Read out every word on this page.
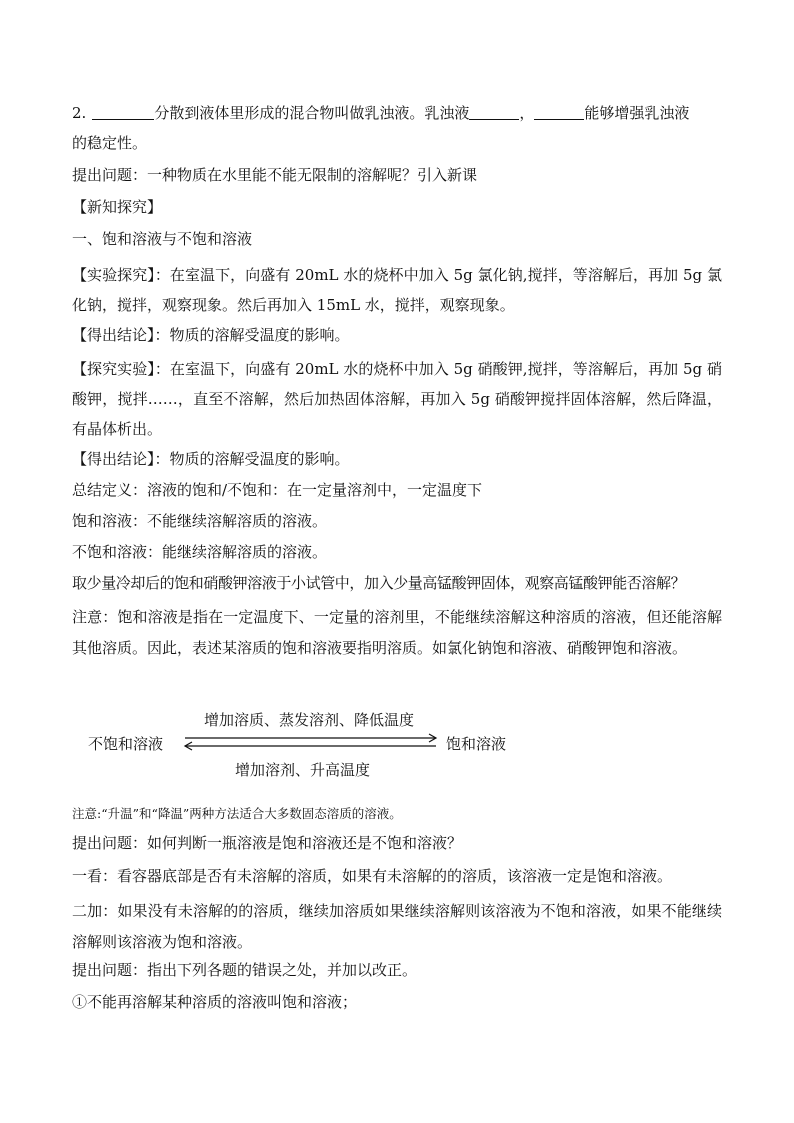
2.	分散到液体里形成的混合物叫做乳浊液。乳浊液	，	能够增强乳浊液
的稳定性。
提出问题：一种物质在水里能不能无限制的溶解呢？引入新课
【新知探究】
一、饱和溶液与不饱和溶液
【实验探究】：在室温下，向盛有 20mL 水的烧杯中加入 5g 氯化钠,搅拌，等溶解后，再加 5g 氯化钠，搅拌，观察现象。然后再加入 15mL 水，搅拌，观察现象。
【得出结论】：物质的溶解受温度的影响。
【探究实验】：在室温下，向盛有 20mL 水的烧杯中加入 5g 硝酸钾,搅拌，等溶解后，再加 5g 硝酸钾，搅拌……，直至不溶解，然后加热固体溶解，再加入 5g 硝酸钾搅拌固体溶解，然后降温，有晶体析出。
【得出结论】：物质的溶解受温度的影响。
总结定义：溶液的饱和/不饱和：在一定量溶剂中，一定温度下
饱和溶液：不能继续溶解溶质的溶液。
不饱和溶液：能继续溶解溶质的溶液。
取少量冷却后的饱和硝酸钾溶液于小试管中，加入少量高锰酸钾固体，观察高锰酸钾能否溶解？
注意：饱和溶液是指在一定温度下、一定量的溶剂里，不能继续溶解这种溶质的溶液，但还能溶解其他溶质。因此，表述某溶质的饱和溶液要指明溶质。如氯化钠饱和溶液、硝酸钾饱和溶液。
增加溶质、蒸发溶剂、降低温度
不饱和溶液	饱和溶液
增加溶剂、升高温度
注意:“升温”和“降温”两种方法适合大多数固态溶质的溶液。
提出问题：如何判断一瓶溶液是饱和溶液还是不饱和溶液？
一看：看容器底部是否有未溶解的溶质，如果有未溶解的的溶质，该溶液一定是饱和溶液。
二加：如果没有未溶解的的溶质，继续加溶质如果继续溶解则该溶液为不饱和溶液，如果不能继续溶解则该溶液为饱和溶液。
提出问题：指出下列各题的错误之处，并加以改正。
①不能再溶解某种溶质的溶液叫饱和溶液；
